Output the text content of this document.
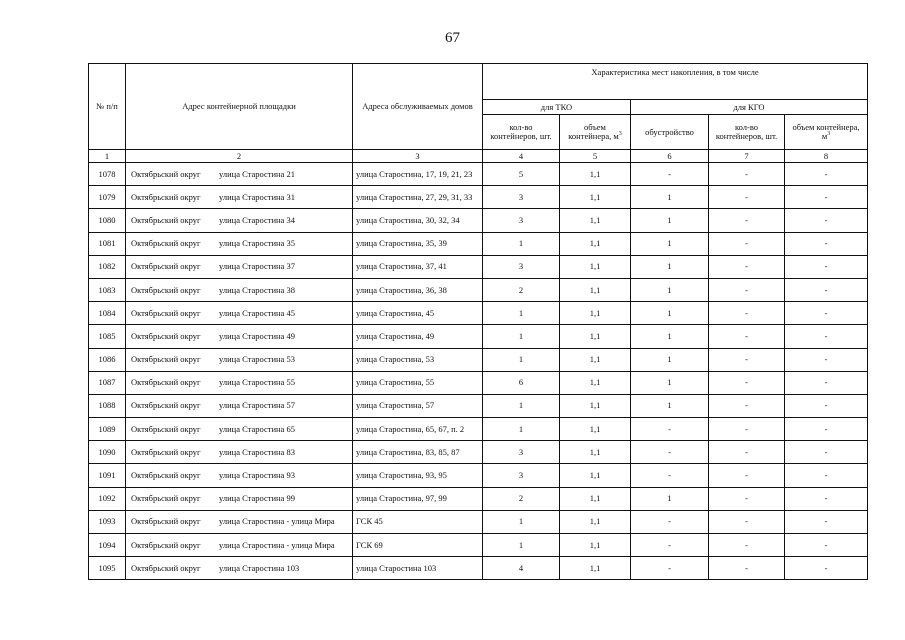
67
№ п/п	Адрес контейнерной площадки	Адреса обслуживаемых домов	Характеристика мест накопления, в том числе				
			для ТКО		для КГО		
			кол-во контейнеров, шт.	объем контейнера, $м^3$	обустройство	кол-во контейнеров, шт.	объем контейнера, $м^3$
1	2	3	4	5	6	7	8
1078	Октябрьский округ улица Старостина 21	улица Старостина, 17, 19, 21, 23	5	1,1	-	-	-
1079	Октябрьский округ улица Старостина 31	улица Старостина, 27, 29, 31, 33	3	1,1	1	-	-
1080	Октябрьский округ улица Старостина 34	улица Старостина, 30, 32, 34	3	1,1	1	-	-
1081	Октябрьский округ улица Старостина 35	улица Старостина, 35, 39	1	1,1	1	-	-
1082	Октябрьский округ улица Старостина 37	улица Старостина, 37, 41	3	1,1	1	-	-
1083	Октябрьский округ улица Старостина 38	улица Старостина, 36, 38	2	1,1	1	-	-
1084	Октябрьский округ улица Старостина 45	улица Старостина, 45	1	1,1	1	-	-
1085	Октябрьский округ улица Старостина 49	улица Старостина, 49	1	1,1	1	-	-
1086	Октябрьский округ улица Старостина 53	улица Старостина, 53	1	1,1	1	-	-
1087	Октябрьский округ улица Старостина 55	улица Старостина, 55	6	1,1	1	-	-
1088	Октябрьский округ улица Старостина 57	улица Старостина, 57	1	1,1	1	-	-
1089	Октябрьский округ улица Старостина 65	улица Старостина, 65, 67, п. 2	1	1,1	-	-	-
1090	Октябрьский округ улица Старостина 83	улица Старостина, 83, 85, 87	3	1,1	-	-	-
1091	Октябрьский округ улица Старостина 93	улица Старостина, 93, 95	3	1,1	-	-	-
1092	Октябрьский округ улица Старостина 99	улица Старостина, 97, 99	2	1,1	1	-	-
1093	Октябрьский округ улица Старостина - улица Мира	ГСК 45	1	1,1	-	-	-
1094	Октябрьский округ улица Старостина - улица Мира	ГСК 69	1	1,1	-	-	-
1095	Октябрьский округ улица Старостина 103	улица Старостина 103	4	1,1	-	-	-
